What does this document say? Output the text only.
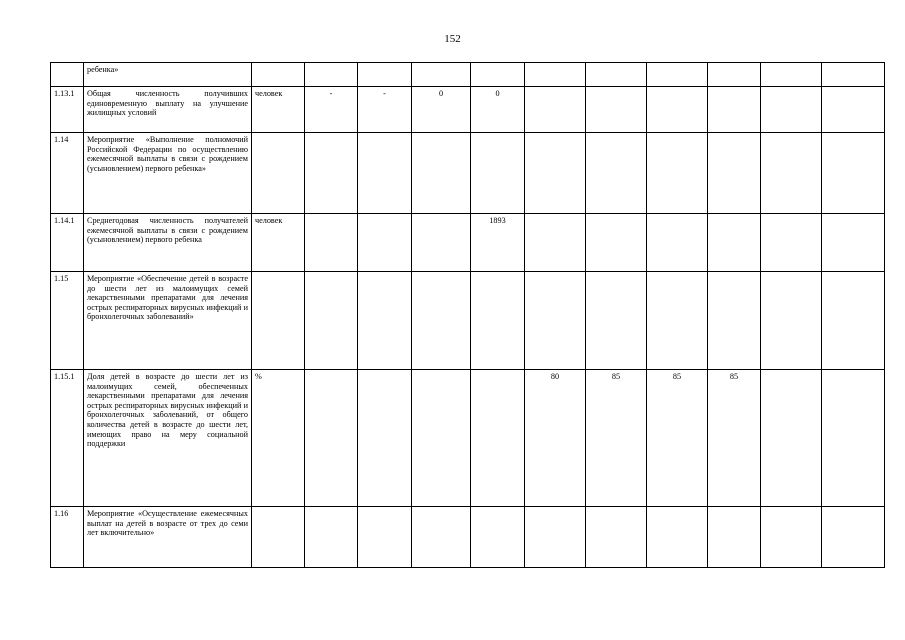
152
	ребенка»												
1.13.1	Общая численность получивших единовременную выплату на улучшение жилищных условий	человек	-	-	0	0							
1.14	Мероприятие «Выполнение полномочий Российской Федерации по осуществлению ежемесячной выплаты в связи с рождением (усыновлением) первого ребенка»												
1.14.1	Среднегодовая численность получателей ежемесячной выплаты в связи с рождением (усыновлением) первого ребенка	человек				1893							
1.15	Мероприятие «Обеспечение детей в возрасте до шести лет из малоимущих семей лекарственными препаратами для лечения острых респираторных вирусных инфекций и бронхолегочных заболеваний»												
1.15.1	Доля детей в возрасте до шести лет из малоимущих семей, обеспеченных лекарственными препаратами для лечения острых респираторных вирусных инфекций и бронхолегочных заболеваний, от общего количества детей в возрасте до шести лет, имеющих право на меру социальной поддержки	%					80	85	85	85			
1.16	Мероприятие «Осуществление ежемесячных выплат на детей в возрасте от трех до семи лет включительно»												
